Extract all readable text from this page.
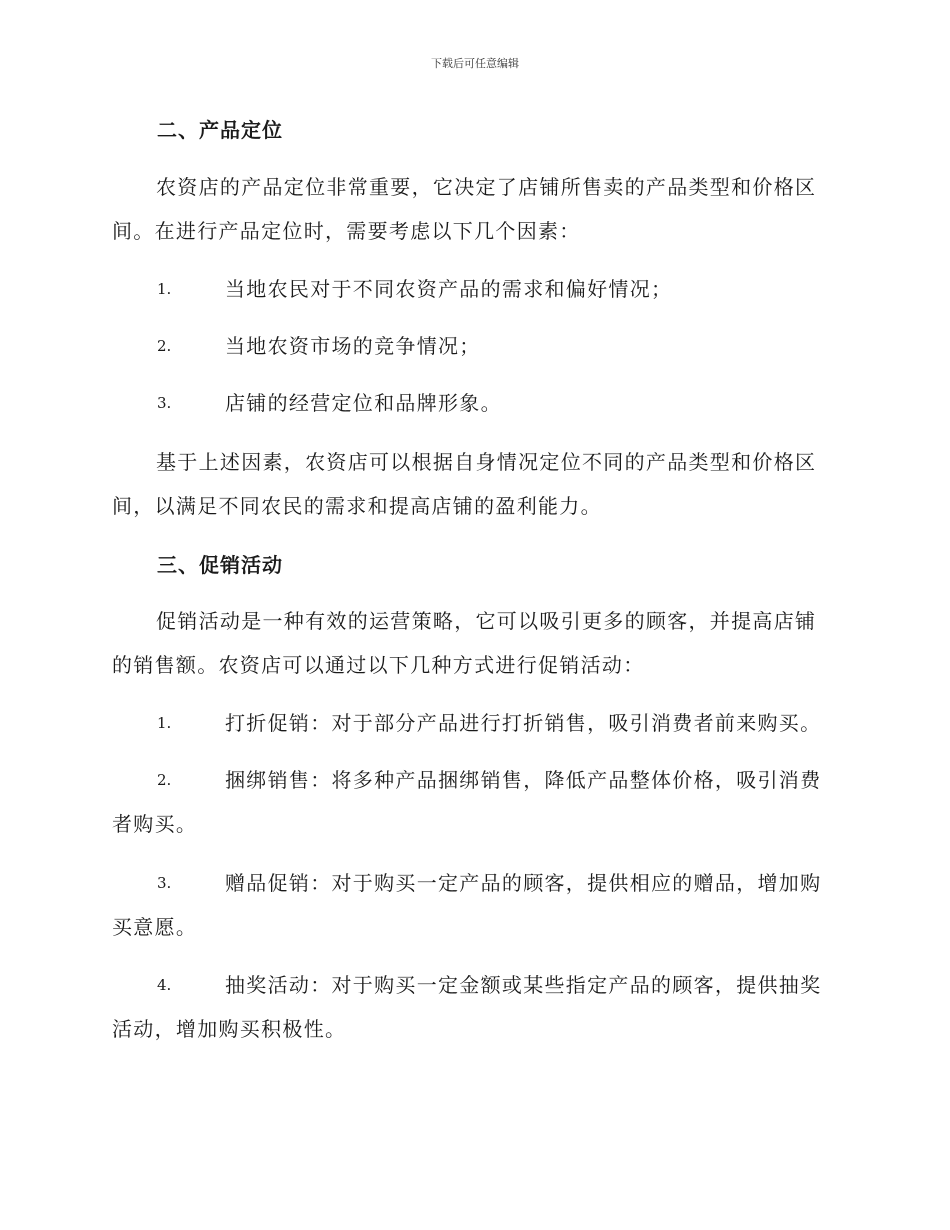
下载后可任意编辑
二、产品定位
农资店的产品定位非常重要，它决定了店铺所售卖的产品类型和价格区间。在进行产品定位时，需要考虑以下几个因素：
1.	当地农民对于不同农资产品的需求和偏好情况；
2.	当地农资市场的竞争情况；
3.	店铺的经营定位和品牌形象。
基于上述因素，农资店可以根据自身情况定位不同的产品类型和价格区间，以满足不同农民的需求和提高店铺的盈利能力。
三、促销活动
促销活动是一种有效的运营策略，它可以吸引更多的顾客，并提高店铺的销售额。农资店可以通过以下几种方式进行促销活动：
1.	打折促销：对于部分产品进行打折销售，吸引消费者前来购买。
2.	捆绑销售：将多种产品捆绑销售，降低产品整体价格，吸引消费者购买。
3.	赠品促销：对于购买一定产品的顾客，提供相应的赠品，增加购买意愿。
4.	抽奖活动：对于购买一定金额或某些指定产品的顾客，提供抽奖活动，增加购买积极性。
